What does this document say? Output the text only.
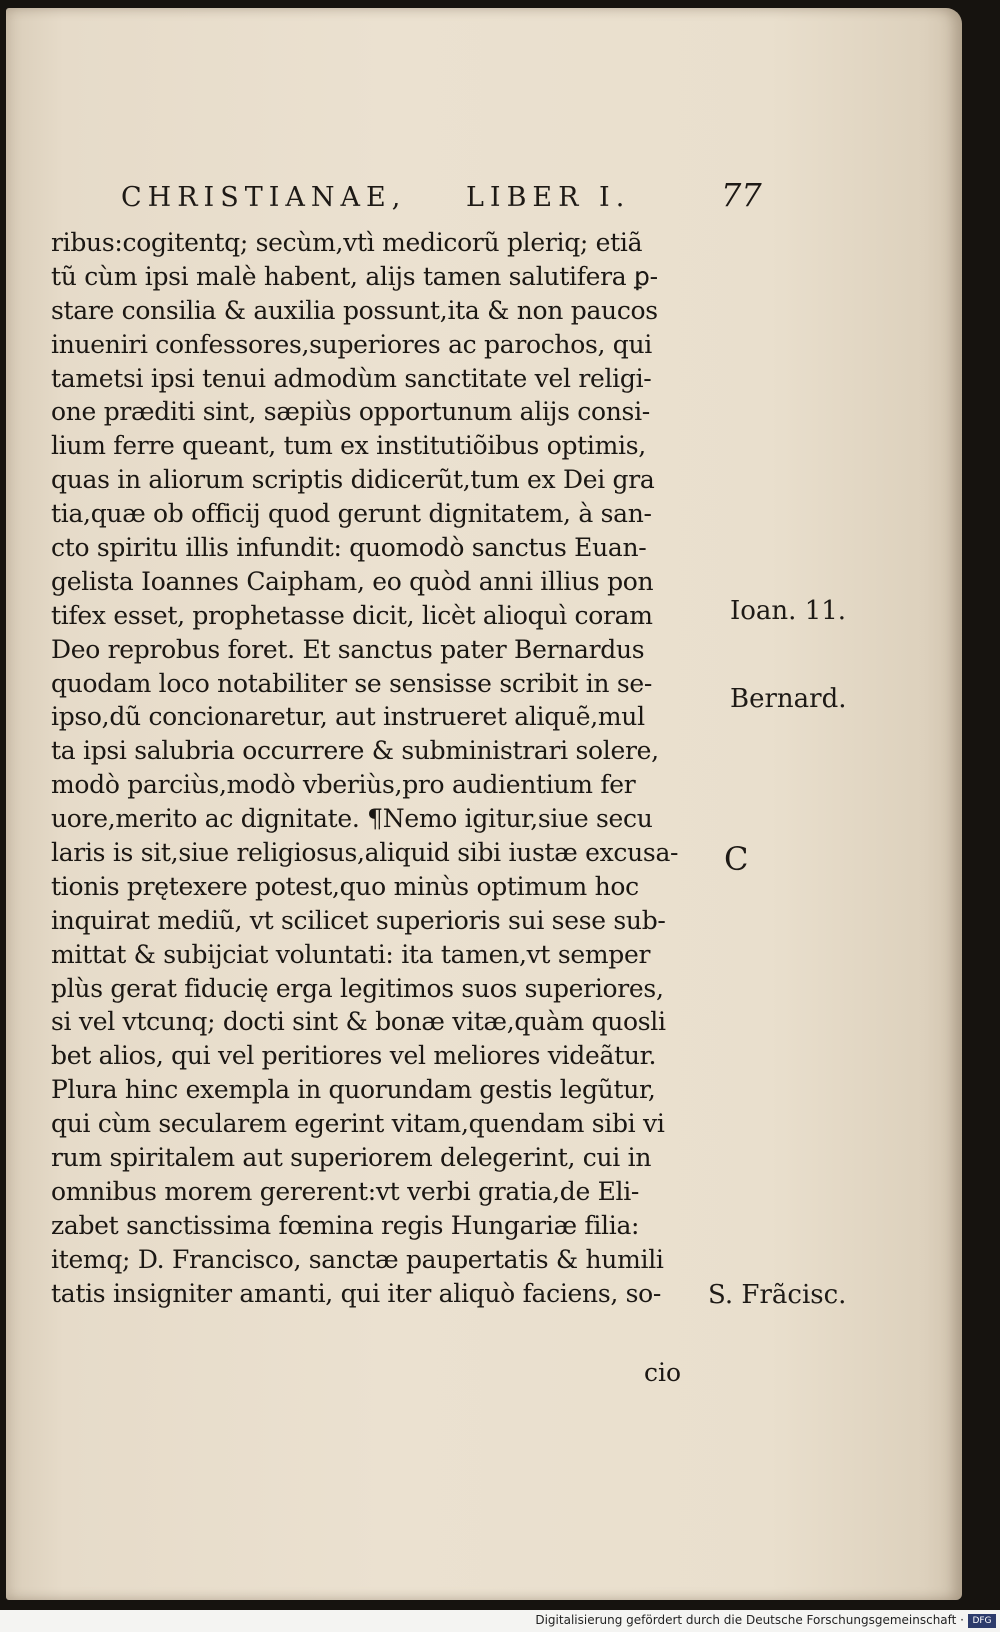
CHRISTIANAE, LIBER I.	77
ribus:cogitentq; secùm,vtì medicorũ pleriq; etiã
tũ cùm ipsi malè habent, alijs tamen salutifera ꝑ-
stare consilia & auxilia possunt,ita & non paucos
inueniri confessores,superiores ac parochos, qui
tametsi ipsi tenui admodùm sanctitate vel religi-
one præditi sint, sæpiùs opportunum alijs consi-
lium ferre queant, tum ex institutiõibus optimis,
quas in aliorum scriptis didicerũt,tum ex Dei gra
tia,quæ ob officij quod gerunt dignitatem, à san-
cto spiritu illis infundit: quomodò sanctus Euan-
gelista Ioannes Caipham, eo quòd anni illius pon
tifex esset, prophetasse dicit, licèt alioquì coram
Deo reprobus foret. Et sanctus pater Bernardus
quodam loco notabiliter se sensisse scribit in se-
ipso,dũ concionaretur, aut instrueret aliquẽ,mul
ta ipsi salubria occurrere & subministrari solere,
modò parciùs,modò vberiùs,pro audientium fer
uore,merito ac dignitate. ¶Nemo igitur,siue secu
laris is sit,siue religiosus,aliquid sibi iustæ excusa-
tionis prętexere potest,quo minùs optimum hoc
inquirat mediũ, vt scilicet superioris sui sese sub-
mittat & subijciat voluntati: ita tamen,vt semper
plùs gerat fiducię erga legitimos suos superiores,
si vel vtcunq; docti sint & bonæ vitæ,quàm quosli
bet alios, qui vel peritiores vel meliores videãtur.
Plura hinc exempla in quorundam gestis legũtur,
qui cùm secularem egerint vitam,quendam sibi vi
rum spiritalem aut superiorem delegerint, cui in
omnibus morem gererent:vt verbi gratia,de Eli-
zabet sanctissima fœmina regis Hungariæ filia:
itemq; D. Francisco, sanctæ paupertatis & humili
tatis insigniter amanti, qui iter aliquò faciens, so-
cio
Ioan. 11.
Bernard.
C
S. Frãcisc.
Digitalisierung gefördert durch die Deutsche Forschungsgemeinschaft · DFG
